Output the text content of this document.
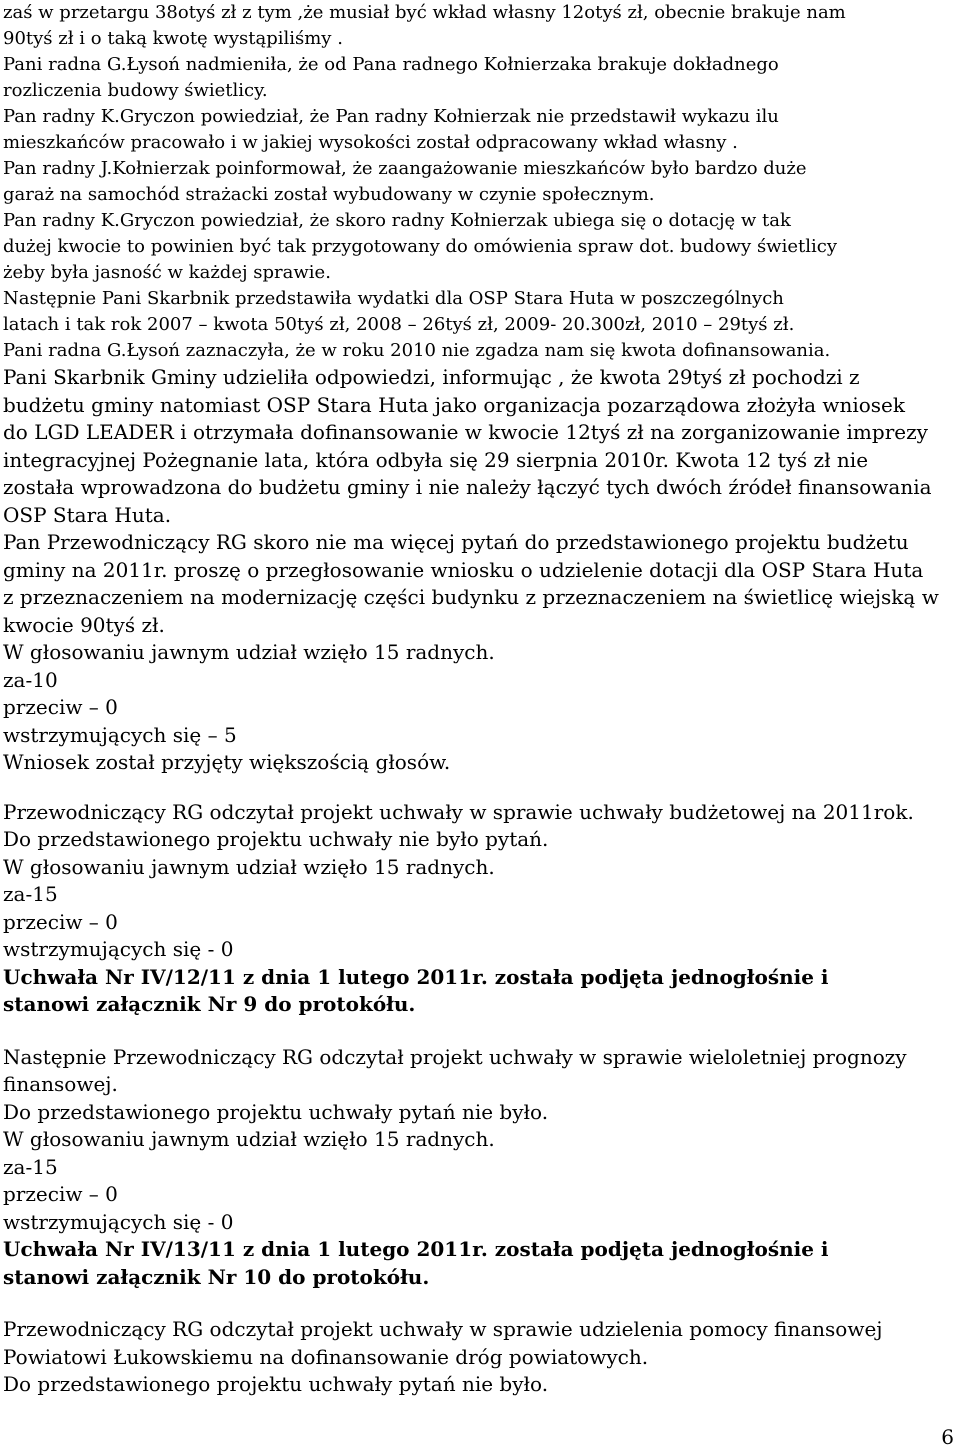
zaś w przetargu 38otyś zł z tym ,że musiał być wkład własny 12otyś zł, obecnie brakuje nam
90tyś zł i o taką kwotę wystąpiliśmy .
Pani radna G.Łysoń nadmieniła, że od Pana radnego Kołnierzaka brakuje dokładnego
rozliczenia budowy świetlicy.
Pan radny K.Gryczon powiedział, że Pan radny Kołnierzak nie przedstawił wykazu ilu
mieszkańców pracowało i w jakiej wysokości został odpracowany wkład własny .
Pan radny J.Kołnierzak poinformował, że zaangażowanie mieszkańców było bardzo duże
garaż na samochód strażacki został wybudowany w czynie społecznym.
Pan radny K.Gryczon powiedział, że skoro radny Kołnierzak ubiega się o dotację w tak
dużej kwocie to powinien być tak przygotowany do omówienia spraw dot. budowy świetlicy
żeby była jasność w każdej sprawie.
Następnie Pani Skarbnik przedstawiła wydatki dla OSP Stara Huta w poszczególnych
latach i tak rok 2007 – kwota 50tyś zł, 2008 – 26tyś zł, 2009- 20.300zł, 2010 – 29tyś zł.
Pani radna G.Łysoń zaznaczyła, że w roku 2010 nie zgadza nam się kwota dofinansowania.
Pani Skarbnik Gminy udzieliła odpowiedzi, informując , że kwota 29tyś zł pochodzi z
budżetu gminy natomiast OSP Stara Huta jako organizacja pozarządowa złożyła wniosek
do LGD LEADER i otrzymała dofinansowanie w kwocie 12tyś zł na zorganizowanie imprezy
integracyjnej Pożegnanie lata, która odbyła się 29 sierpnia 2010r. Kwota 12 tyś zł nie
została wprowadzona do budżetu gminy i nie należy łączyć tych dwóch źródeł finansowania
OSP Stara Huta.
Pan Przewodniczący RG skoro nie ma więcej pytań do przedstawionego projektu budżetu
gminy na 2011r. proszę o przegłosowanie wniosku o udzielenie dotacji dla OSP Stara Huta
z przeznaczeniem na modernizację części budynku z przeznaczeniem na świetlicę wiejską w
kwocie 90tyś zł.
W głosowaniu jawnym udział wzięło 15 radnych.
za-10
przeciw – 0
wstrzymujących się – 5
Wniosek został przyjęty większością głosów.
Przewodniczący RG odczytał projekt uchwały w sprawie uchwały budżetowej na 2011rok.
Do przedstawionego projektu uchwały nie było pytań.
W głosowaniu jawnym udział wzięło 15 radnych.
za-15
przeciw – 0
wstrzymujących się - 0
Uchwała Nr IV/12/11 z dnia 1 lutego 2011r. została podjęta jednogłośnie i
stanowi załącznik Nr 9 do protokółu.
Następnie Przewodniczący RG odczytał projekt uchwały w sprawie wieloletniej prognozy
finansowej.
Do przedstawionego projektu uchwały pytań nie było.
W głosowaniu jawnym udział wzięło 15 radnych.
za-15
przeciw – 0
wstrzymujących się - 0
Uchwała Nr IV/13/11 z dnia 1 lutego 2011r. została podjęta jednogłośnie i
stanowi załącznik Nr 10 do protokółu.
Przewodniczący RG odczytał projekt uchwały w sprawie udzielenia pomocy finansowej
Powiatowi Łukowskiemu na dofinansowanie dróg powiatowych.
Do przedstawionego projektu uchwały pytań nie było.
6
